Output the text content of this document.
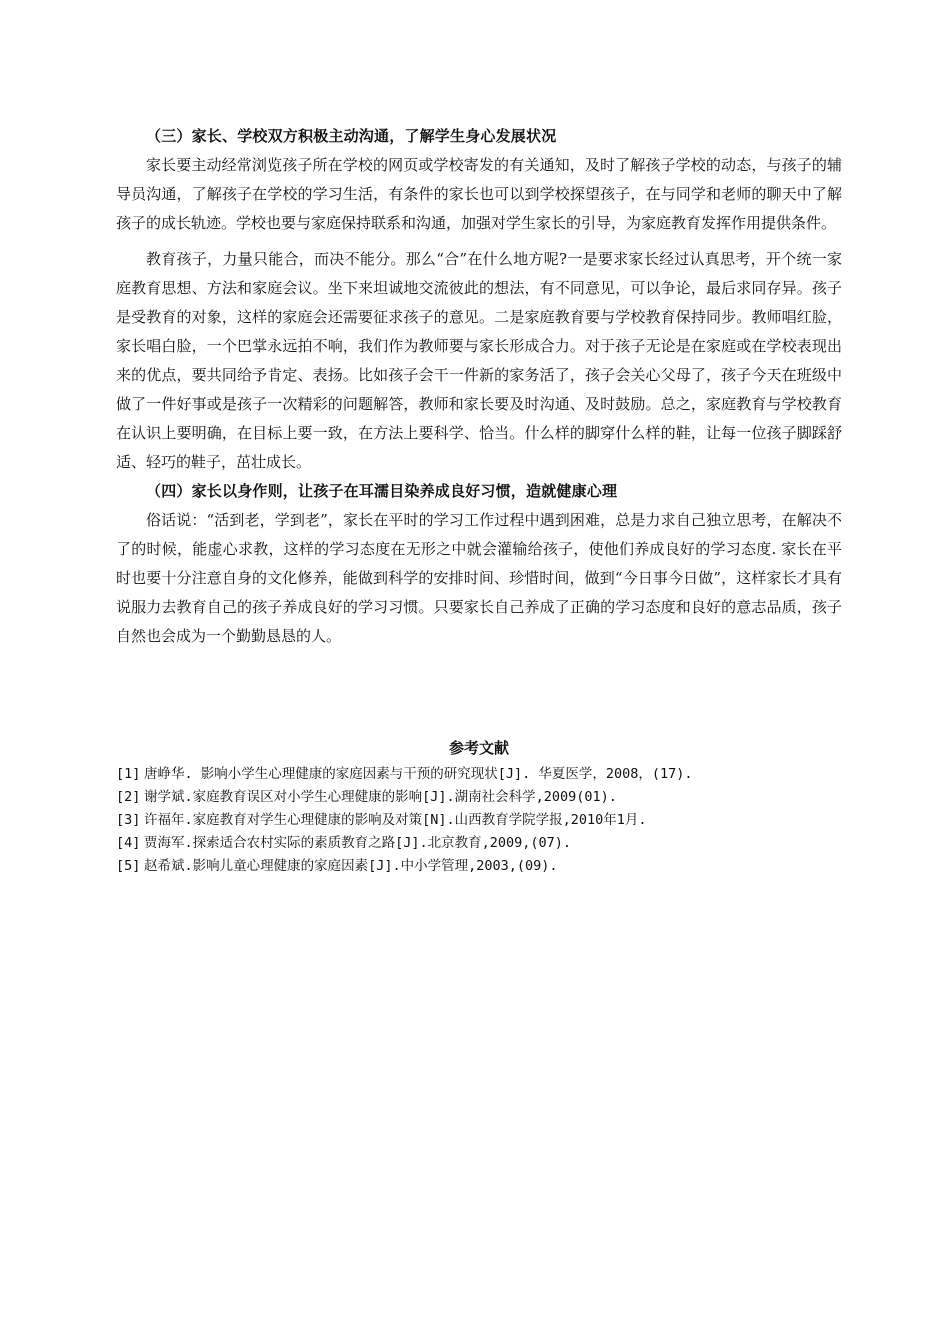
（三）家长、学校双方积极主动沟通，了解学生身心发展状况

家长要主动经常浏览孩子所在学校的网页或学校寄发的有关通知，及时了解孩子学校的动态，与孩子的辅导员沟通，了解孩子在学校的学习生活，有条件的家长也可以到学校探望孩子，在与同学和老师的聊天中了解孩子的成长轨迹。学校也要与家庭保持联系和沟通，加强对学生家长的引导，为家庭教育发挥作用提供条件。

教育孩子，力量只能合，而决不能分。那么“合”在什么地方呢?一是要求家长经过认真思考，开个统一家庭教育思想、方法和家庭会议。坐下来坦诚地交流彼此的想法，有不同意见，可以争论，最后求同存异。孩子是受教育的对象，这样的家庭会还需要征求孩子的意见。二是家庭教育要与学校教育保持同步。教师唱红脸，家长唱白脸，一个巴掌永远拍不响，我们作为教师要与家长形成合力。对于孩子无论是在家庭或在学校表现出来的优点，要共同给予肯定、表扬。比如孩子会干一件新的家务活了，孩子会关心父母了，孩子今天在班级中做了一件好事或是孩子一次精彩的问题解答，教师和家长要及时沟通、及时鼓励。总之，家庭教育与学校教育在认识上要明确，在目标上要一致，在方法上要科学、恰当。什么样的脚穿什么样的鞋，让每一位孩子脚踩舒适、轻巧的鞋子，茁壮成长。

（四）家长以身作则，让孩子在耳濡目染养成良好习惯，造就健康心理

俗话说：“活到老，学到老”，家长在平时的学习工作过程中遇到困难，总是力求自己独立思考，在解决不了的时候，能虚心求教，这样的学习态度在无形之中就会灌输给孩子，使他们养成良好的学习态度. 家长在平时也要十分注意自身的文化修养，能做到科学的安排时间、珍惜时间，做到“今日事今日做”，这样家长才具有说服力去教育自己的孩子养成良好的学习习惯。只要家长自己养成了正确的学习态度和良好的意志品质，孩子自然也会成为一个勤勤恳恳的人。

参考文献
[1] 唐峥华. 影响小学生心理健康的家庭因素与干预的研究现状[J]. 华夏医学，2008，(17).
[2] 谢学斌.家庭教育误区对小学生心理健康的影响[J].湖南社会科学,2009(01).
[3] 许福年.家庭教育对学生心理健康的影响及对策[N].山西教育学院学报,2010年1月.
[4] 贾海军.探索适合农村实际的素质教育之路[J].北京教育,2009,(07).
[5] 赵希斌.影响儿童心理健康的家庭因素[J].中小学管理,2003,(09).
